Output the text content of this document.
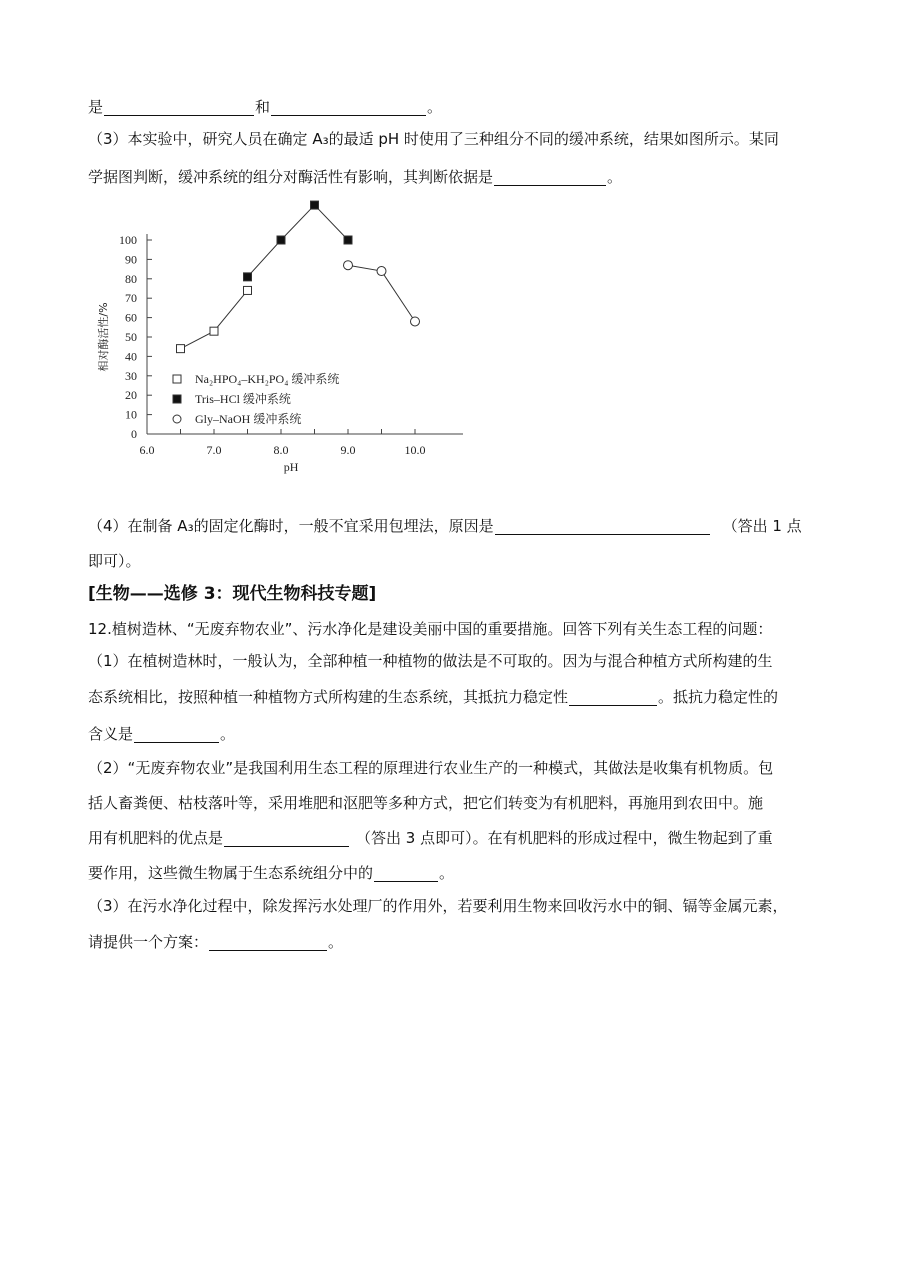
是	和	。
（3）本实验中，研究人员在确定 A₃的最适 pH 时使用了三种组分不同的缓冲系统，结果如图所示。某同
学据图判断，缓冲系统的组分对酶活性有影响，其判断依据是	。
0
10
20
30
40
50
60
70
80
90
100
6.0	7.0	8.0	9.0	10.0
Na₂HPO₄–KH₂PO₄ 缓冲系统
Tris–HCl 缓冲系统
Gly–NaOH 缓冲系统
相对酶活性/%
pH
（4）在制备 A₃的固定化酶时，一般不宜采用包埋法，原因是	（答出 1 点
即可）。
[生物——选修 3：现代生物科技专题]
12.植树造林、“无废弃物农业”、污水净化是建设美丽中国的重要措施。回答下列有关生态工程的问题：
（1）在植树造林时，一般认为，全部种植一种植物的做法是不可取的。因为与混合种植方式所构建的生
态系统相比，按照种植一种植物方式所构建的生态系统，其抵抗力稳定性	。抵抗力稳定性的
含义是	。
（2）“无废弃物农业”是我国利用生态工程的原理进行农业生产的一种模式，其做法是收集有机物质。包
括人畜粪便、枯枝落叶等，采用堆肥和沤肥等多种方式，把它们转变为有机肥料，再施用到农田中。施
用有机肥料的优点是	（答出 3 点即可）。在有机肥料的形成过程中，微生物起到了重
要作用，这些微生物属于生态系统组分中的	。
（3）在污水净化过程中，除发挥污水处理厂的作用外，若要利用生物来回收污水中的铜、镉等金属元素，
请提供一个方案：	。
